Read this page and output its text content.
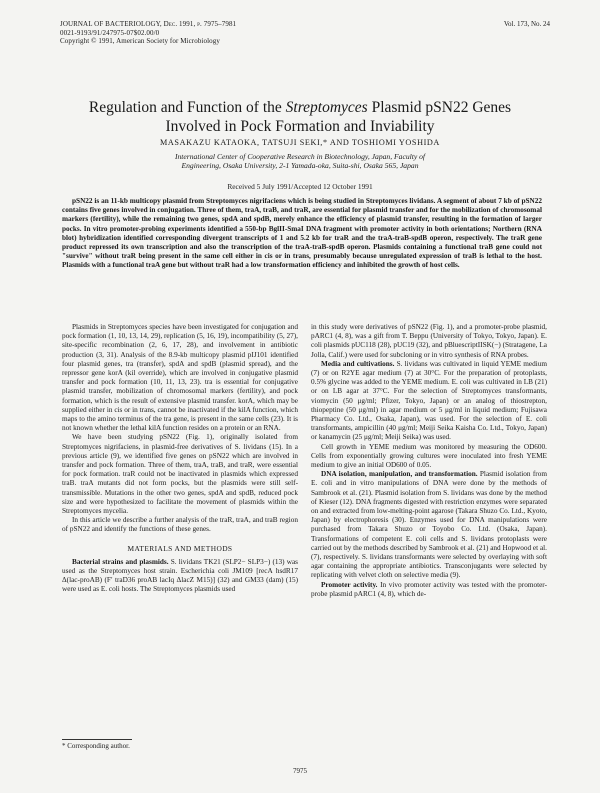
JOURNAL OF BACTERIOLOGY, Dec. 1991, p. 7975–7981
0021-9193/91/247975-07$02.00/0
Copyright © 1991, American Society for Microbiology
Vol. 173, No. 24
Regulation and Function of the Streptomyces Plasmid pSN22 Genes
Involved in Pock Formation and Inviability
MASAKAZU KATAOKA, TATSUJI SEKI,* AND TOSHIOMI YOSHIDA
International Center of Cooperative Research in Biotechnology, Japan, Faculty of
Engineering, Osaka University, 2-1 Yamada-oka, Suita-shi, Osaka 565, Japan
Received 5 July 1991/Accepted 12 October 1991
pSN22 is an 11-kb multicopy plasmid from Streptomyces nigrifaciens which is being studied in Streptomyces lividans. A segment of about 7 kb of pSN22 contains five genes involved in conjugation. Three of them, traA, traB, and traR, are essential for plasmid transfer and for the mobilization of chromosomal markers (fertility), while the remaining two genes, spdA and spdB, merely enhance the efficiency of plasmid transfer, resulting in the formation of larger pocks. In vitro promoter-probing experiments identified a 550-bp BglII-SmaI DNA fragment with promoter activity in both orientations; Northern (RNA blot) hybridization identified corresponding divergent transcripts of 1 and 5.2 kb for traR and the traA-traB-spdB operon, respectively. The traR gene product repressed its own transcription and also the transcription of the traA-traB-spdB operon. Plasmids containing a functional traB gene could not "survive" without traR being present in the same cell either in cis or in trans, presumably because unregulated expression of traB is lethal to the host. Plasmids with a functional traA gene but without traR had a low transformation efficiency and inhibited the growth of host cells.

Plasmids in Streptomyces species have been investigated for conjugation and pock formation (1, 10, 13, 14, 29), replication (5, 16, 19), incompatibility (5, 27), site-specific recombination (2, 6, 17, 28), and involvement in antibiotic production (3, 31). Analysis of the 8.9-kb multicopy plasmid pIJ101 identified four plasmid genes, tra (transfer), spdA and spdB (plasmid spread), and the repressor gene korA (kil override), which are involved in conjugative plasmid transfer and pock formation (10, 11, 13, 23). tra is essential for conjugative plasmid transfer, mobilization of chromosomal markers (fertility), and pock formation, which is the result of extensive plasmid transfer. korA, which may be supplied either in cis or in trans, cannot be inactivated if the kilA function, which maps to the amino terminus of the tra gene, is present in the same cells (23). It is not known whether the lethal kilA function resides on a protein or an RNA.

We have been studying pSN22 (Fig. 1), originally isolated from Streptomyces nigrifaciens, in plasmid-free derivatives of S. lividans (15). In a previous article (9), we identified five genes on pSN22 which are involved in transfer and pock formation. Three of them, traA, traB, and traR, were essential for pock formation. traR could not be inactivated in plasmids which expressed traB. traA mutants did not form pocks, but the plasmids were still self-transmissible. Mutations in the other two genes, spdA and spdB, reduced pock size and were hypothesized to facilitate the movement of plasmids within the Streptomyces mycelia.

In this article we describe a further analysis of the traR, traA, and traB region of pSN22 and identify the functions of these genes.

MATERIALS AND METHODS

Bacterial strains and plasmids. S. lividans TK21 (SLP2− SLP3−) (13) was used as the Streptomyces host strain. Escherichia coli JM109 [recA hsdR17 Δ(lac-proAB) (F′ traD36 proAB lacIq ΔlacZ M15)] (32) and GM33 (dam) (15) were used as E. coli hosts. The Streptomyces plasmids used

in this study were derivatives of pSN22 (Fig. 1), and a promoter-probe plasmid, pARC1 (4, 8), was a gift from T. Beppu (University of Tokyo, Tokyo, Japan). E. coli plasmids pUC118 (28), pUC19 (32), and pBluescriptIISK(−) (Stratagene, La Jolla, Calif.) were used for subcloning or in vitro synthesis of RNA probes.

Media and cultivations. S. lividans was cultivated in liquid YEME medium (7) or on R2YE agar medium (7) at 30°C. For the preparation of protoplasts, 0.5% glycine was added to the YEME medium. E. coli was cultivated in LB (21) or on LB agar at 37°C. For the selection of Streptomyces transformants, viomycin (50 μg/ml; Pfizer, Tokyo, Japan) or an analog of thiostrepton, thiopeptine (50 μg/ml) in agar medium or 5 μg/ml in liquid medium; Fujisawa Pharmacy Co. Ltd., Osaka, Japan), was used. For the selection of E. coli transformants, ampicillin (40 μg/ml; Meiji Seika Kaisha Co. Ltd., Tokyo, Japan) or kanamycin (25 μg/ml; Meiji Seika) was used.

Cell growth in YEME medium was monitored by measuring the OD600. Cells from exponentially growing cultures were inoculated into fresh YEME medium to give an initial OD600 of 0.05.

DNA isolation, manipulation, and transformation. Plasmid isolation from E. coli and in vitro manipulations of DNA were done by the methods of Sambrook et al. (21). Plasmid isolation from S. lividans was done by the method of Kieser (12). DNA fragments digested with restriction enzymes were separated on and extracted from low-melting-point agarose (Takara Shuzo Co. Ltd., Kyoto, Japan) by electrophoresis (30). Enzymes used for DNA manipulations were purchased from Takara Shuzo or Toyobo Co. Ltd. (Osaka, Japan). Transformations of competent E. coli cells and S. lividans protoplasts were carried out by the methods described by Sambrook et al. (21) and Hopwood et al. (7), respectively. S. lividans transformants were selected by overlaying with soft agar containing the appropriate antibiotics. Transconjugants were selected by replicating with velvet cloth on selective media (9).

Promoter activity. In vivo promoter activity was tested with the promoter-probe plasmid pARC1 (4, 8), which de-

* Corresponding author.
7975
